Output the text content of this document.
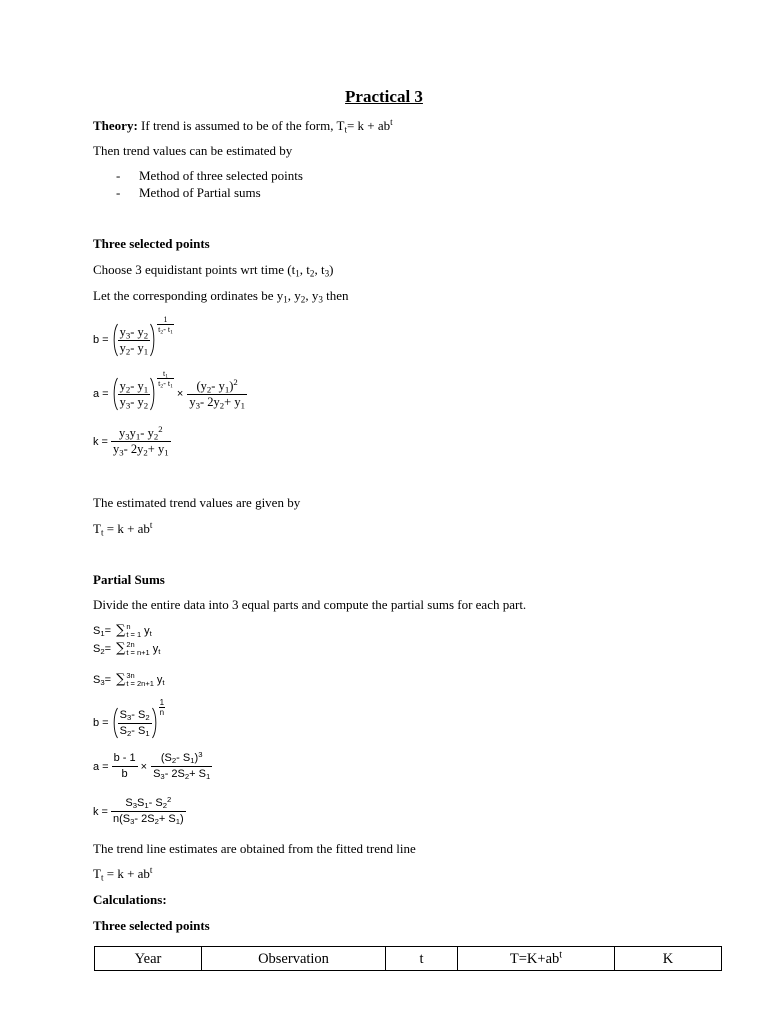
Practical 3
Theory: If trend is assumed to be of the form, $T_t= k + ab^t$
Then trend values can be estimated by
- Method of three selected points
- Method of Partial sums
Three selected points
Choose 3 equidistant points wrt time ($t_1$, $t_2$, $t_3$)
Let the corresponding ordinates be $y_1$, $y_2$, $y_3$ then
$b = \frac{y_3- y_2}{y_2- y_1}$
$\frac{1}{t_2- t_1}$
$a = \frac{y_2- y_1}{y_3- y_2}$
$\frac{t_1}{t_2- t_1}$
× $\frac{(y_2- y_1)^2}{y_3- 2y_2+ y_1}$
$k = \frac{y_3y_1- y_2^2}{y_3- 2y_2+ y_1}$
The estimated trend values are given by
$T_t = k + ab^t$
Partial Sums
Divide the entire data into 3 equal parts and compute the partial sums for each part.
$S_1=$ ∑ n
t = 1 $y_t$
$S_2=$ ∑ 2n
t = n+1 $y_t$
$S_3=$ ∑ 3n
t = 2n+1 $y_t$
$b = \frac{S_3- S_2}{S_2- S_1}$
$\frac{1}{n}$
$a = \frac{b - 1}{b} \times \frac{(S_2- S_1)^3}{S_3- 2S_2+ S_1}$
$k = \frac{S_3S_1- S_2^2}{n(S_3- 2S_2+ S_1)}$
The trend line estimates are obtained from the fitted trend line
$T_t = k + ab^t$
Calculations:
Three selected points
Year	Observation	t	$T=K+ab^t$	K
